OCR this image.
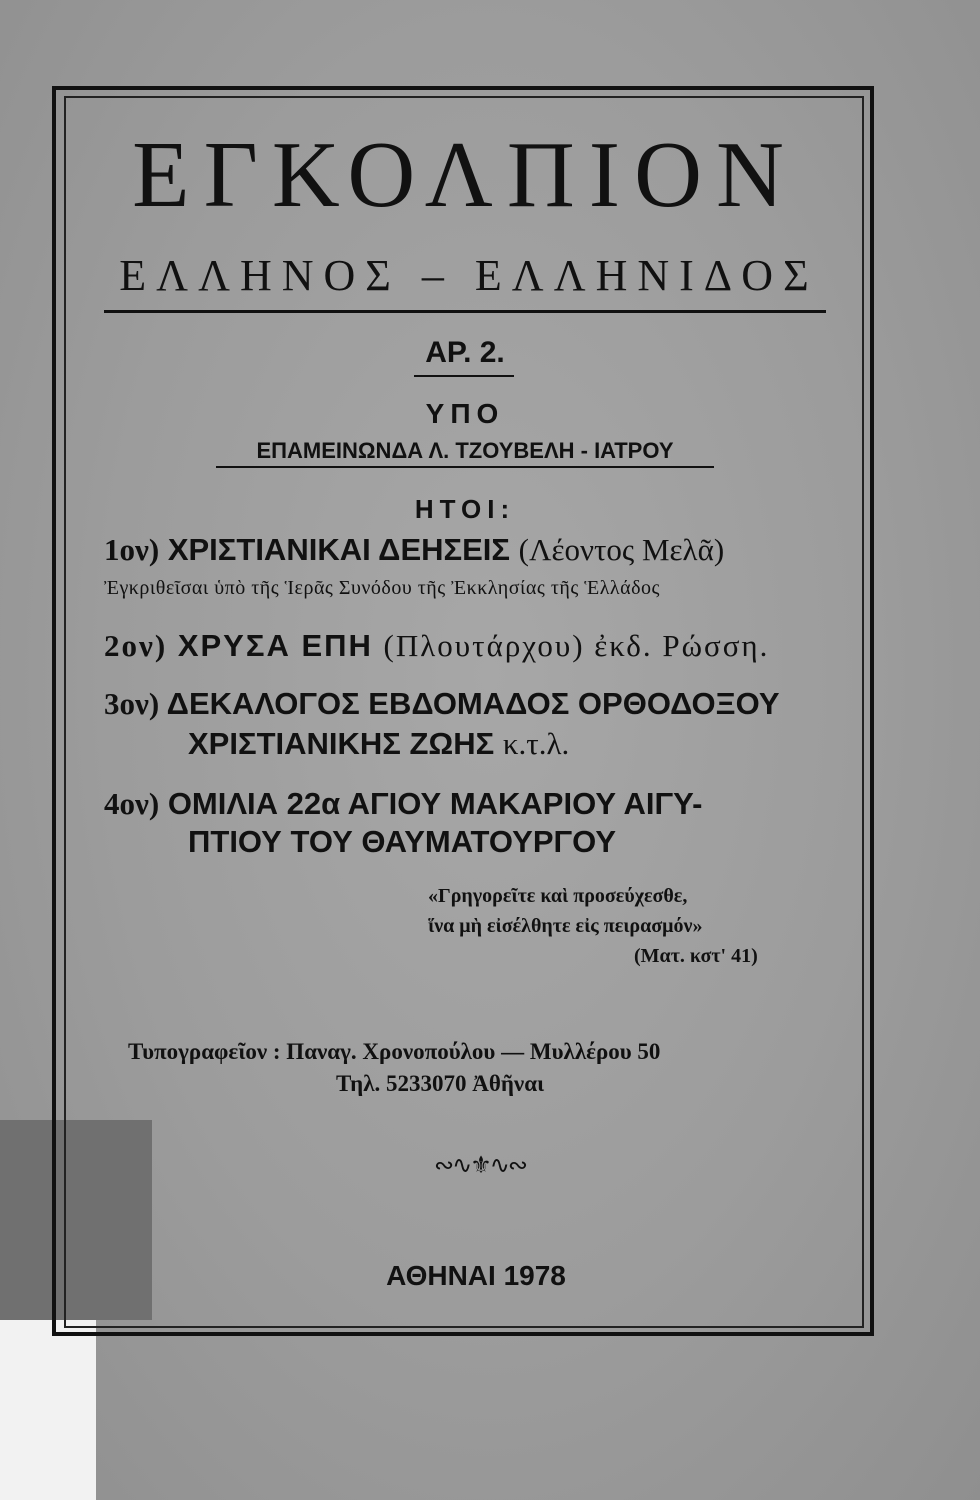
ΕΓΚΟΛΠΙΟΝ
ΕΛΛΗΝΟΣ – ΕΛΛΗΝΙΔΟΣ
ΑΡ. 2.
ΥΠΟ
ΕΠΑΜΕΙΝΩΝΔΑ Λ. ΤΖΟΥΒΕΛΗ - ΙΑΤΡΟΥ
ΗΤΟΙ:
1ον) ΧΡΙΣΤΙΑΝΙΚΑΙ ΔΕΗΣΕΙΣ (Λέοντος Μελᾶ)
Ἐγκριθεῖσαι ὑπὸ τῆς Ἱερᾶς Συνόδου τῆς Ἐκκλησίας τῆς Ἑλλάδος
2ον) ΧΡΥΣΑ ΕΠΗ (Πλουτάρχου) ἐκδ. Ρώσση.
3ον) ΔΕΚΑΛΟΓΟΣ ΕΒΔΟΜΑΔΟΣ ΟΡΘΟΔΟΞΟΥ
ΧΡΙΣΤΙΑΝΙΚΗΣ ΖΩΗΣ κ.τ.λ.
4ον) ΟΜΙΛΙΑ 22α ΑΓΙΟΥ ΜΑΚΑΡΙΟΥ ΑΙΓΥ-
ΠΤΙΟΥ ΤΟΥ ΘΑΥΜΑΤΟΥΡΓΟΥ
«Γρηγορεῖτε καὶ προσεύχεσθε,
ἵνα μὴ εἰσέλθητε εἰς πειρασμόν»
(Ματ. κστ' 41)
Τυπογραφεῖον : Παναγ. Χρονοπούλου — Μυλλέρου 50
Τηλ. 5233070 Ἀθῆναι
∾∿⚜∿∾
ΑΘΗΝΑΙ 1978
